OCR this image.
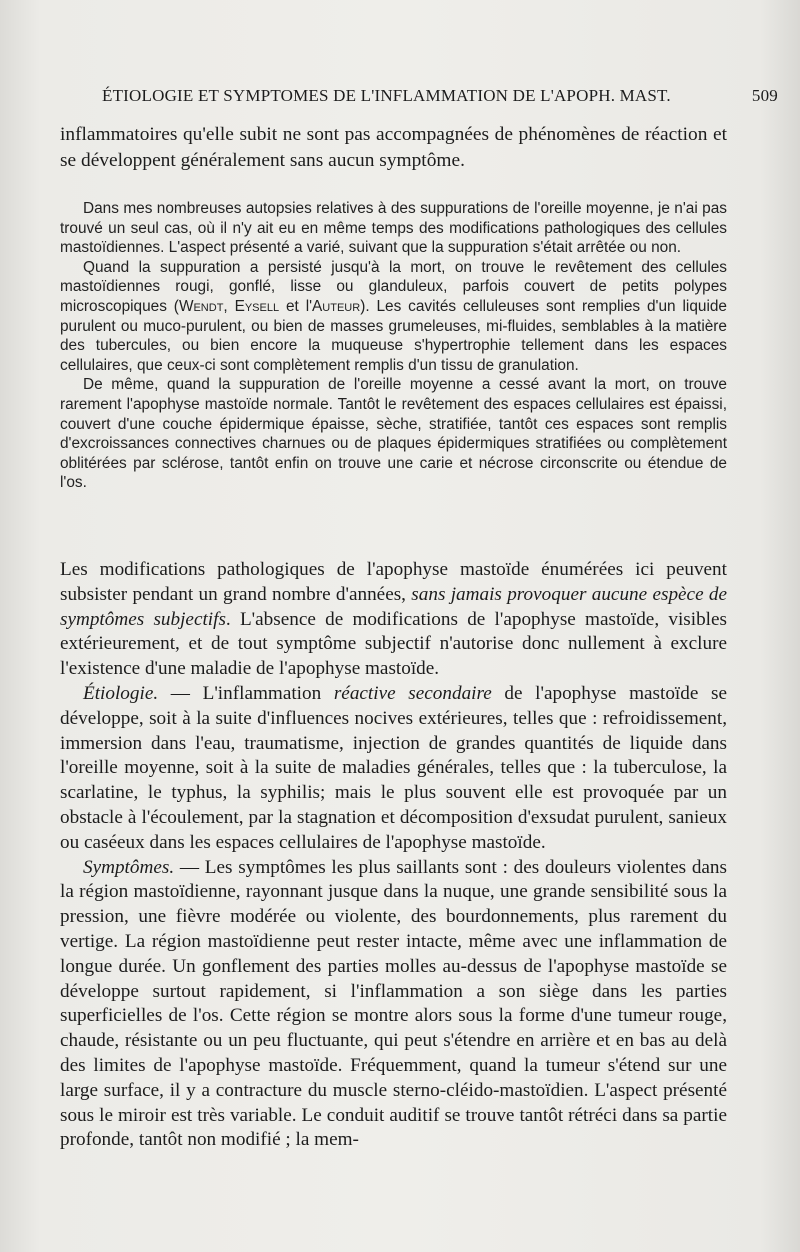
ÉTIOLOGIE ET SYMPTOMES DE L'INFLAMMATION DE L'APOPH. MAST.	509

inflammatoires qu'elle subit ne sont pas accompagnées de phénomènes de réaction et se développent généralement sans aucun symptôme.

Dans mes nombreuses autopsies relatives à des suppurations de l'oreille moyenne, je n'ai pas trouvé un seul cas, où il n'y ait eu en même temps des modifications pathologiques des cellules mastoïdiennes. L'aspect présenté a varié, suivant que la suppuration s'était arrêtée ou non.

Quand la suppuration a persisté jusqu'à la mort, on trouve le revêtement des cellules mastoïdiennes rougi, gonflé, lisse ou glanduleux, parfois couvert de petits polypes microscopiques (Wendt, Eysell et l'Auteur). Les cavités celluleuses sont remplies d'un liquide purulent ou muco-purulent, ou bien de masses grumeleuses, mi-fluides, semblables à la matière des tubercules, ou bien encore la muqueuse s'hypertrophie tellement dans les espaces cellulaires, que ceux-ci sont complètement remplis d'un tissu de granulation.

De même, quand la suppuration de l'oreille moyenne a cessé avant la mort, on trouve rarement l'apophyse mastoïde normale. Tantôt le revêtement des espaces cellulaires est épaissi, couvert d'une couche épidermique épaisse, sèche, stratifiée, tantôt ces espaces sont remplis d'excroissances connectives charnues ou de plaques épidermiques stratifiées ou complètement oblitérées par sclérose, tantôt enfin on trouve une carie et nécrose circonscrite ou étendue de l'os.

Les modifications pathologiques de l'apophyse mastoïde énumérées ici peuvent subsister pendant un grand nombre d'années, sans jamais provoquer aucune espèce de symptômes subjectifs. L'absence de modifications de l'apophyse mastoïde, visibles extérieurement, et de tout symptôme subjectif n'autorise donc nullement à exclure l'existence d'une maladie de l'apophyse mastoïde.

Étiologie. — L'inflammation réactive secondaire de l'apophyse mastoïde se développe, soit à la suite d'influences nocives extérieures, telles que : refroidissement, immersion dans l'eau, traumatisme, injection de grandes quantités de liquide dans l'oreille moyenne, soit à la suite de maladies générales, telles que : la tuberculose, la scarlatine, le typhus, la syphilis; mais le plus souvent elle est provoquée par un obstacle à l'écoulement, par la stagnation et décomposition d'exsudat purulent, sanieux ou caséeux dans les espaces cellulaires de l'apophyse mastoïde.

Symptômes. — Les symptômes les plus saillants sont : des douleurs violentes dans la région mastoïdienne, rayonnant jusque dans la nuque, une grande sensibilité sous la pression, une fièvre modérée ou violente, des bourdonnements, plus rarement du vertige. La région mastoïdienne peut rester intacte, même avec une inflammation de longue durée. Un gonflement des parties molles au-dessus de l'apophyse mastoïde se développe surtout rapidement, si l'inflammation a son siège dans les parties superficielles de l'os. Cette région se montre alors sous la forme d'une tumeur rouge, chaude, résistante ou un peu fluctuante, qui peut s'étendre en arrière et en bas au delà des limites de l'apophyse mastoïde. Fréquemment, quand la tumeur s'étend sur une large surface, il y a contracture du muscle sterno-cléido-mastoïdien. L'aspect présenté sous le miroir est très variable. Le conduit auditif se trouve tantôt rétréci dans sa partie profonde, tantôt non modifié ; la mem-
